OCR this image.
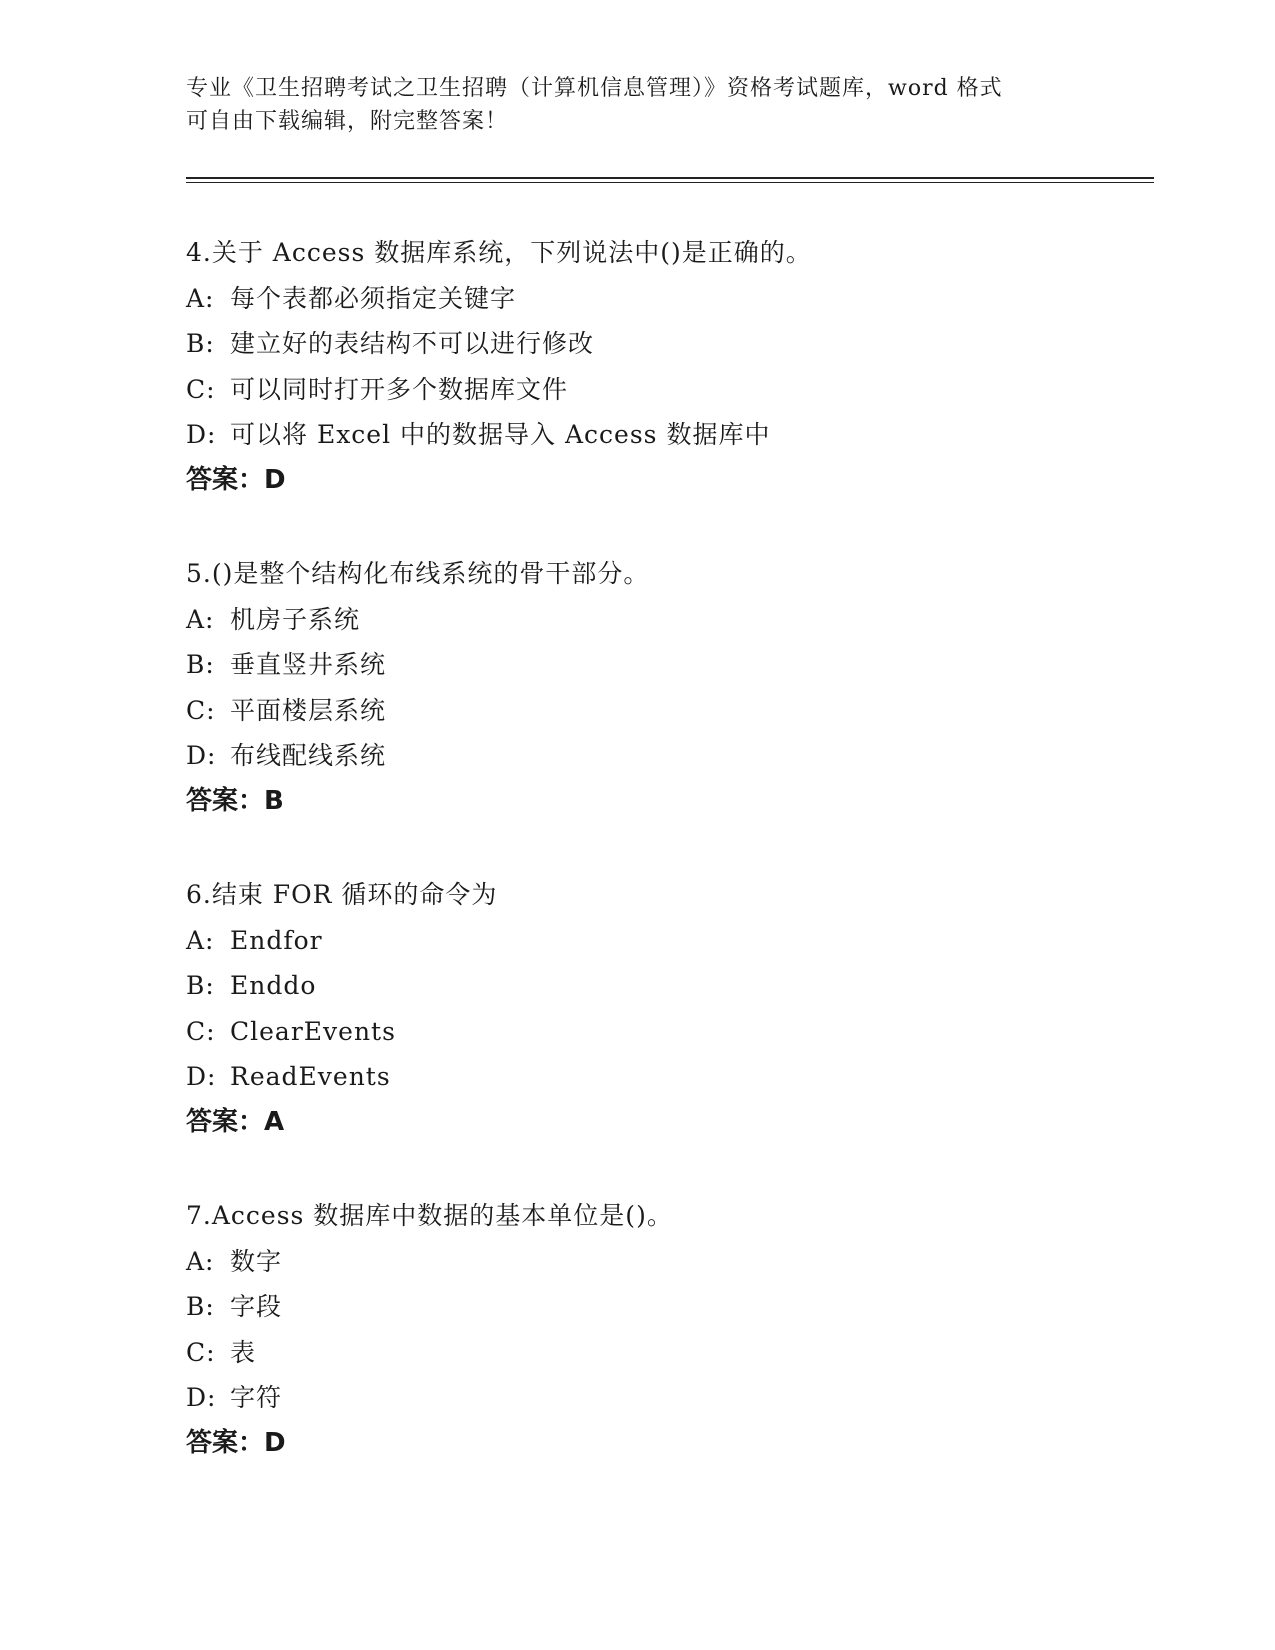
专业《卫生招聘考试之卫生招聘（计算机信息管理）》资格考试题库，word 格式
可自由下载编辑，附完整答案！
4.关于 Access 数据库系统，下列说法中()是正确的。
A: 每个表都必须指定关键字
B: 建立好的表结构不可以进行修改
C: 可以同时打开多个数据库文件
D: 可以将 Excel 中的数据导入 Access 数据库中
答案：D
5.()是整个结构化布线系统的骨干部分。
A: 机房子系统
B: 垂直竖井系统
C: 平面楼层系统
D: 布线配线系统
答案：B
6.结束 FOR 循环的命令为
A: Endfor
B: Enddo
C: ClearEvents
D: ReadEvents
答案：A
7.Access 数据库中数据的基本单位是()。
A: 数字
B: 字段
C: 表
D: 字符
答案：D
